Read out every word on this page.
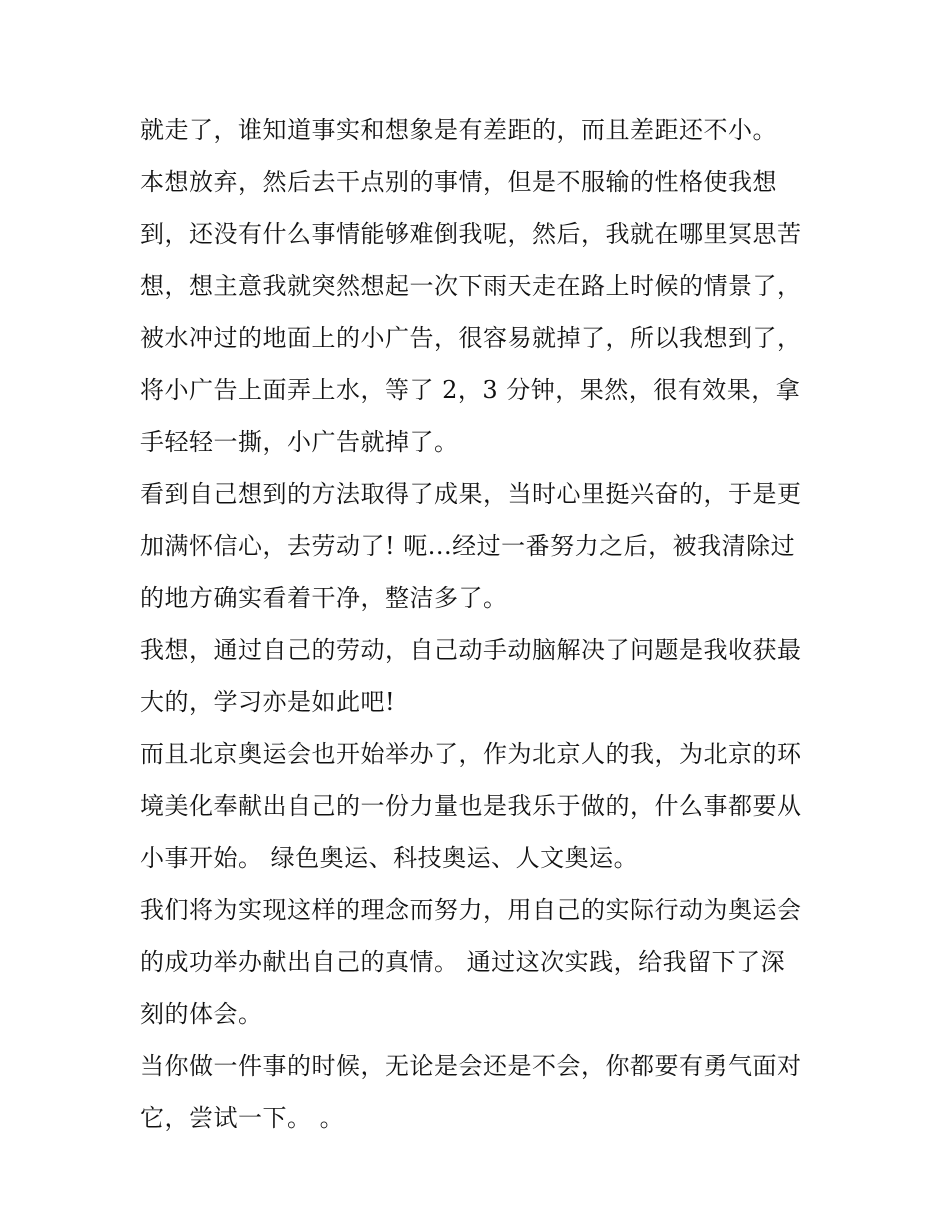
就走了，谁知道事实和想象是有差距的，而且差距还不小。
本想放弃，然后去干点别的事情，但是不服输的性格使我想
到，还没有什么事情能够难倒我呢，然后，我就在哪里冥思苦
想，想主意我就突然想起一次下雨天走在路上时候的情景了，
被水冲过的地面上的小广告，很容易就掉了，所以我想到了，
将小广告上面弄上水，等了 2，3 分钟，果然，很有效果，拿
手轻轻一撕，小广告就掉了。
看到自己想到的方法取得了成果，当时心里挺兴奋的，于是更
加满怀信心，去劳动了! 呃...经过一番努力之后，被我清除过
的地方确实看着干净，整洁多了。
我想，通过自己的劳动，自己动手动脑解决了问题是我收获最
大的，学习亦是如此吧!
而且北京奥运会也开始举办了，作为北京人的我，为北京的环
境美化奉献出自己的一份力量也是我乐于做的，什么事都要从
小事开始。 绿色奥运、科技奥运、人文奥运。
我们将为实现这样的理念而努力，用自己的实际行动为奥运会
的成功举办献出自己的真情。 通过这次实践，给我留下了深
刻的体会。
当你做一件事的时候，无论是会还是不会，你都要有勇气面对
它，尝试一下。 。
